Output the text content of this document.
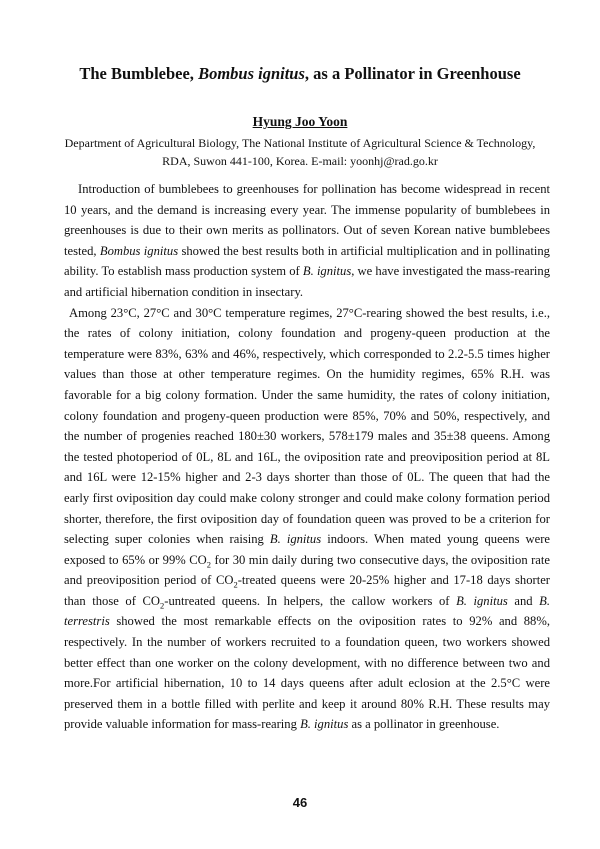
The Bumblebee, Bombus ignitus, as a Pollinator in Greenhouse
Hyung Joo Yoon
Department of Agricultural Biology, The National Institute of Agricultural Science & Technology,
RDA, Suwon 441-100, Korea. E-mail: yoonhj@rad.go.kr

Introduction of bumblebees to greenhouses for pollination has become widespread in recent 10 years, and the demand is increasing every year. The immense popularity of bumblebees in greenhouses is due to their own merits as pollinators. Out of seven Korean native bumblebees tested, Bombus ignitus showed the best results both in artificial multiplication and in pollinating ability. To establish mass production system of B. ignitus, we have investigated the mass-rearing and artificial hibernation condition in insectary.

Among 23°C, 27°C and 30°C temperature regimes, 27°C-rearing showed the best results, i.e., the rates of colony initiation, colony foundation and progeny-queen production at the temperature were 83%, 63% and 46%, respectively, which corresponded to 2.2-5.5 times higher values than those at other temperature regimes. On the humidity regimes, 65% R.H. was favorable for a big colony formation. Under the same humidity, the rates of colony initiation, colony foundation and progeny-queen production were 85%, 70% and 50%, respectively, and the number of progenies reached 180±30 workers, 578±179 males and 35±38 queens. Among the tested photoperiod of 0L, 8L and 16L, the oviposition rate and preoviposition period at 8L and 16L were 12-15% higher and 2-3 days shorter than those of 0L. The queen that had the early first oviposition day could make colony stronger and could make colony formation period shorter, therefore, the first oviposition day of foundation queen was proved to be a criterion for selecting super colonies when raising B. ignitus indoors. When mated young queens were exposed to 65% or 99% $CO_2$ for 30 min daily during two consecutive days, the oviposition rate and preoviposition period of $CO_2$-treated queens were 20-25% higher and 17-18 days shorter than those of $CO_2$-untreated queens. In helpers, the callow workers of B. ignitus and B. terrestris showed the most remarkable effects on the oviposition rates to 92% and 88%, respectively. In the number of workers recruited to a foundation queen, two workers showed better effect than one worker on the colony development, with no difference between two and more.For artificial hibernation, 10 to 14 days queens after adult eclosion at the 2.5°C were preserved them in a bottle filled with perlite and keep it around 80% R.H. These results may provide valuable information for mass-rearing B. ignitus as a pollinator in greenhouse.

46
